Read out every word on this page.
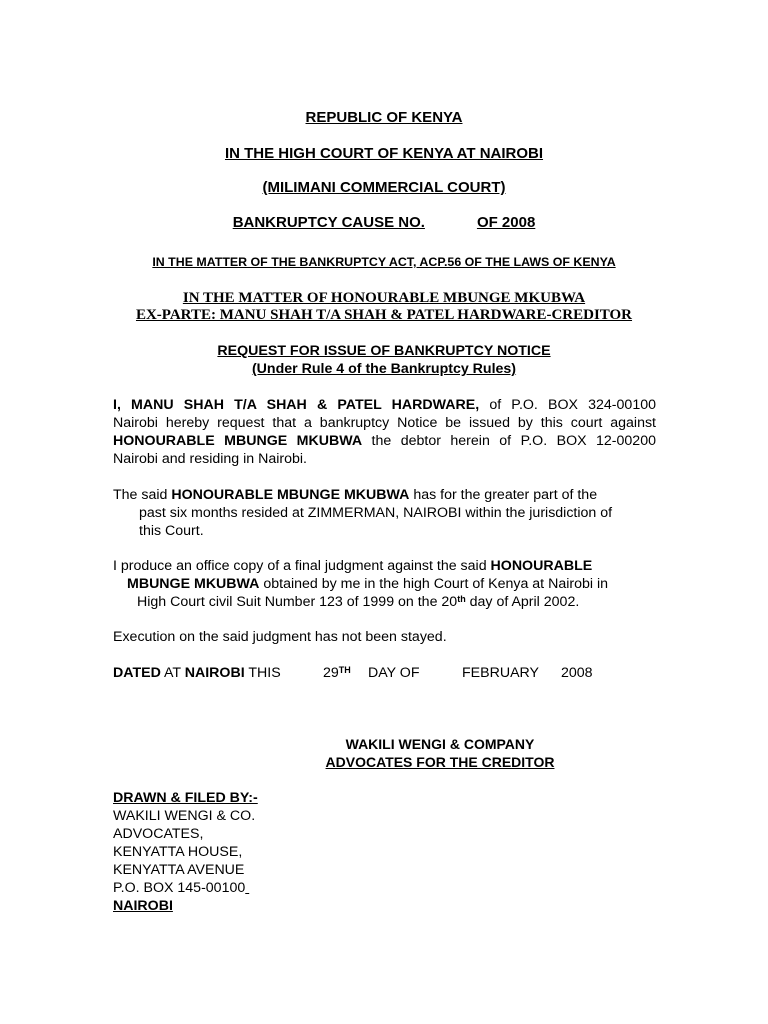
REPUBLIC OF KENYA
IN THE HIGH COURT OF KENYA AT NAIROBI
(MILIMANI COMMERCIAL COURT)
BANKRUPTCY CAUSE NO.	OF 2008
IN THE MATTER OF THE BANKRUPTCY ACT, ACP.56 OF THE LAWS OF KENYA
IN THE MATTER OF HONOURABLE MBUNGE MKUBWA
EX-PARTE: MANU SHAH T/A SHAH & PATEL HARDWARE-CREDITOR
REQUEST FOR ISSUE OF BANKRUPTCY NOTICE
(Under Rule 4 of the Bankruptcy Rules)
I, MANU SHAH T/A SHAH & PATEL HARDWARE, of P.O. BOX 324-00100
Nairobi hereby request that a bankruptcy Notice be issued by this court against
HONOURABLE MBUNGE MKUBWA the debtor herein of P.O. BOX 12-00200
Nairobi and residing in Nairobi.
The said HONOURABLE MBUNGE MKUBWA has for the greater part of the
past six months resided at ZIMMERMAN, NAIROBI within the jurisdiction of
this Court.
I produce an office copy of a final judgment against the said HONOURABLE
MBUNGE MKUBWA obtained by me in the high Court of Kenya at Nairobi in
High Court civil Suit Number 123 of 1999 on the 20th day of April 2002.
Execution on the said judgment has not been stayed.
DATED AT NAIROBI THIS	29TH DAY OF	FEBRUARY 2008
WAKILI WENGI & COMPANY
ADVOCATES FOR THE CREDITOR
DRAWN & FILED BY:-
WAKILI WENGI & CO.
ADVOCATES,
KENYATTA HOUSE,
KENYATTA AVENUE
P.O. BOX 145-00100
NAIROBI
